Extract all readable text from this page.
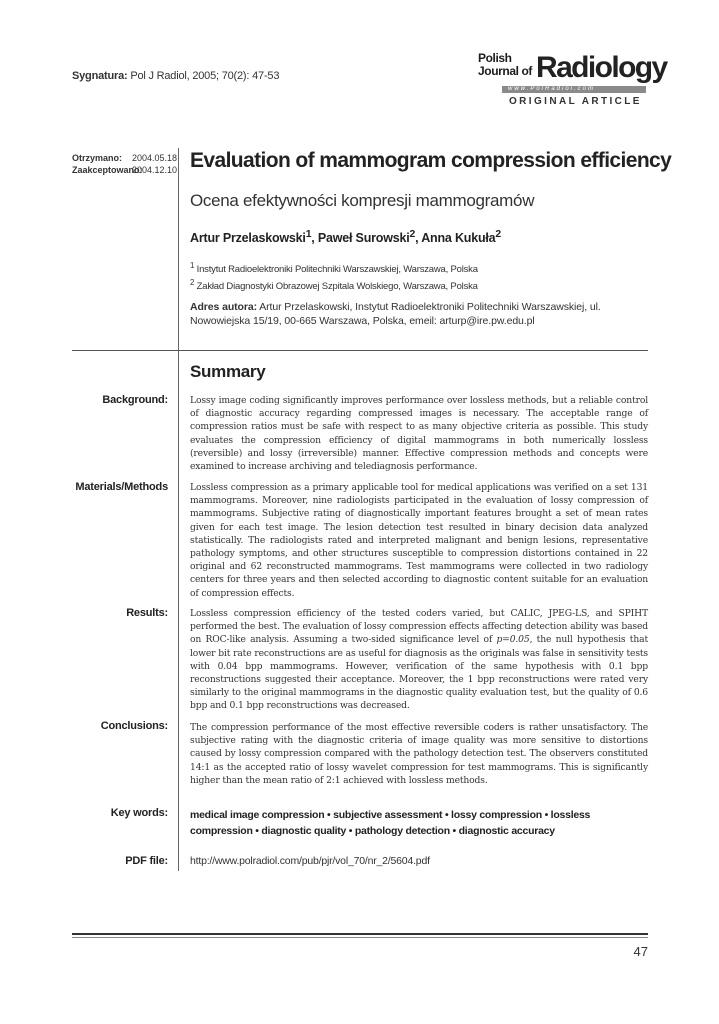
Sygnatura: Pol J Radiol, 2005; 70(2): 47-53
Polish
Journal of Radiology
www.PolRadiol.com
ORIGINAL ARTICLE
Otrzymano: 2004.05.18
Zaakceptowano:2004.12.10 Evaluation of mammogram compression efficiency
Ocena efektywności kompresji mammogramów
Artur Przelaskowski$^1$, Paweł Surowski$^2$, Anna Kukuła$^2$
$^1$ Instytut Radioelektroniki Politechniki Warszawskiej, Warszawa, Polska
$^2$ Zakład Diagnostyki Obrazowej Szpitala Wolskiego, Warszawa, Polska
Adres autora: Artur Przelaskowski, Instytut Radioelektroniki Politechniki Warszawskiej, ul. Nowowiejska 15/19, 00-665 Warszawa, Polska, emeil: arturp@ire.pw.edu.pl
Summary
Background: Lossy image coding significantly improves performance over lossless methods, but a reliable control of diagnostic accuracy regarding compressed images is necessary. The acceptable range of compression ratios must be safe with respect to as many objective criteria as possible. This study evaluates the compression efficiency of digital mammograms in both numerically lossless (reversible) and lossy (irreversible) manner. Effective compression methods and concepts were examined to increase archiving and telediagnosis performance.
Materials/Methods Lossless compression as a primary applicable tool for medical applications was verified on a set 131 mammograms. Moreover, nine radiologists participated in the evaluation of lossy compression of mammograms. Subjective rating of diagnostically important features brought a set of mean rates given for each test image. The lesion detection test resulted in binary decision data analyzed statistically. The radiologists rated and interpreted malignant and benign lesions, representative pathology symptoms, and other structures susceptible to compression distortions contained in 22 original and 62 reconstructed mammograms. Test mammograms were collected in two radiology centers for three years and then selected according to diagnostic content suitable for an evaluation of compression effects.
Results: Lossless compression efficiency of the tested coders varied, but CALIC, JPEG-LS, and SPIHT performed the best. The evaluation of lossy compression effects affecting detection ability was based on ROC-like analysis. Assuming a two-sided significance level of p=0.05, the null hypothesis that lower bit rate reconstructions are as useful for diagnosis as the originals was false in sensitivity tests with 0.04 bpp mammograms. However, verification of the same hypothesis with 0.1 bpp reconstructions suggested their acceptance. Moreover, the 1 bpp reconstructions were rated very similarly to the original mammograms in the diagnostic quality evaluation test, but the quality of 0.6 bpp and 0.1 bpp reconstructions was decreased.
Conclusions: The compression performance of the most effective reversible coders is rather unsatisfactory. The subjective rating with the diagnostic criteria of image quality was more sensitive to distortions caused by lossy compression compared with the pathology detection test. The observers constituted 14:1 as the accepted ratio of lossy wavelet compression for test mammograms. This is significantly higher than the mean ratio of 2:1 achieved with lossless methods.
Key words: medical image compression • subjective assessment • lossy compression • lossless compression • diagnostic quality • pathology detection • diagnostic accuracy
PDF file: http://www.polradiol.com/pub/pjr/vol_70/nr_2/5604.pdf
47
